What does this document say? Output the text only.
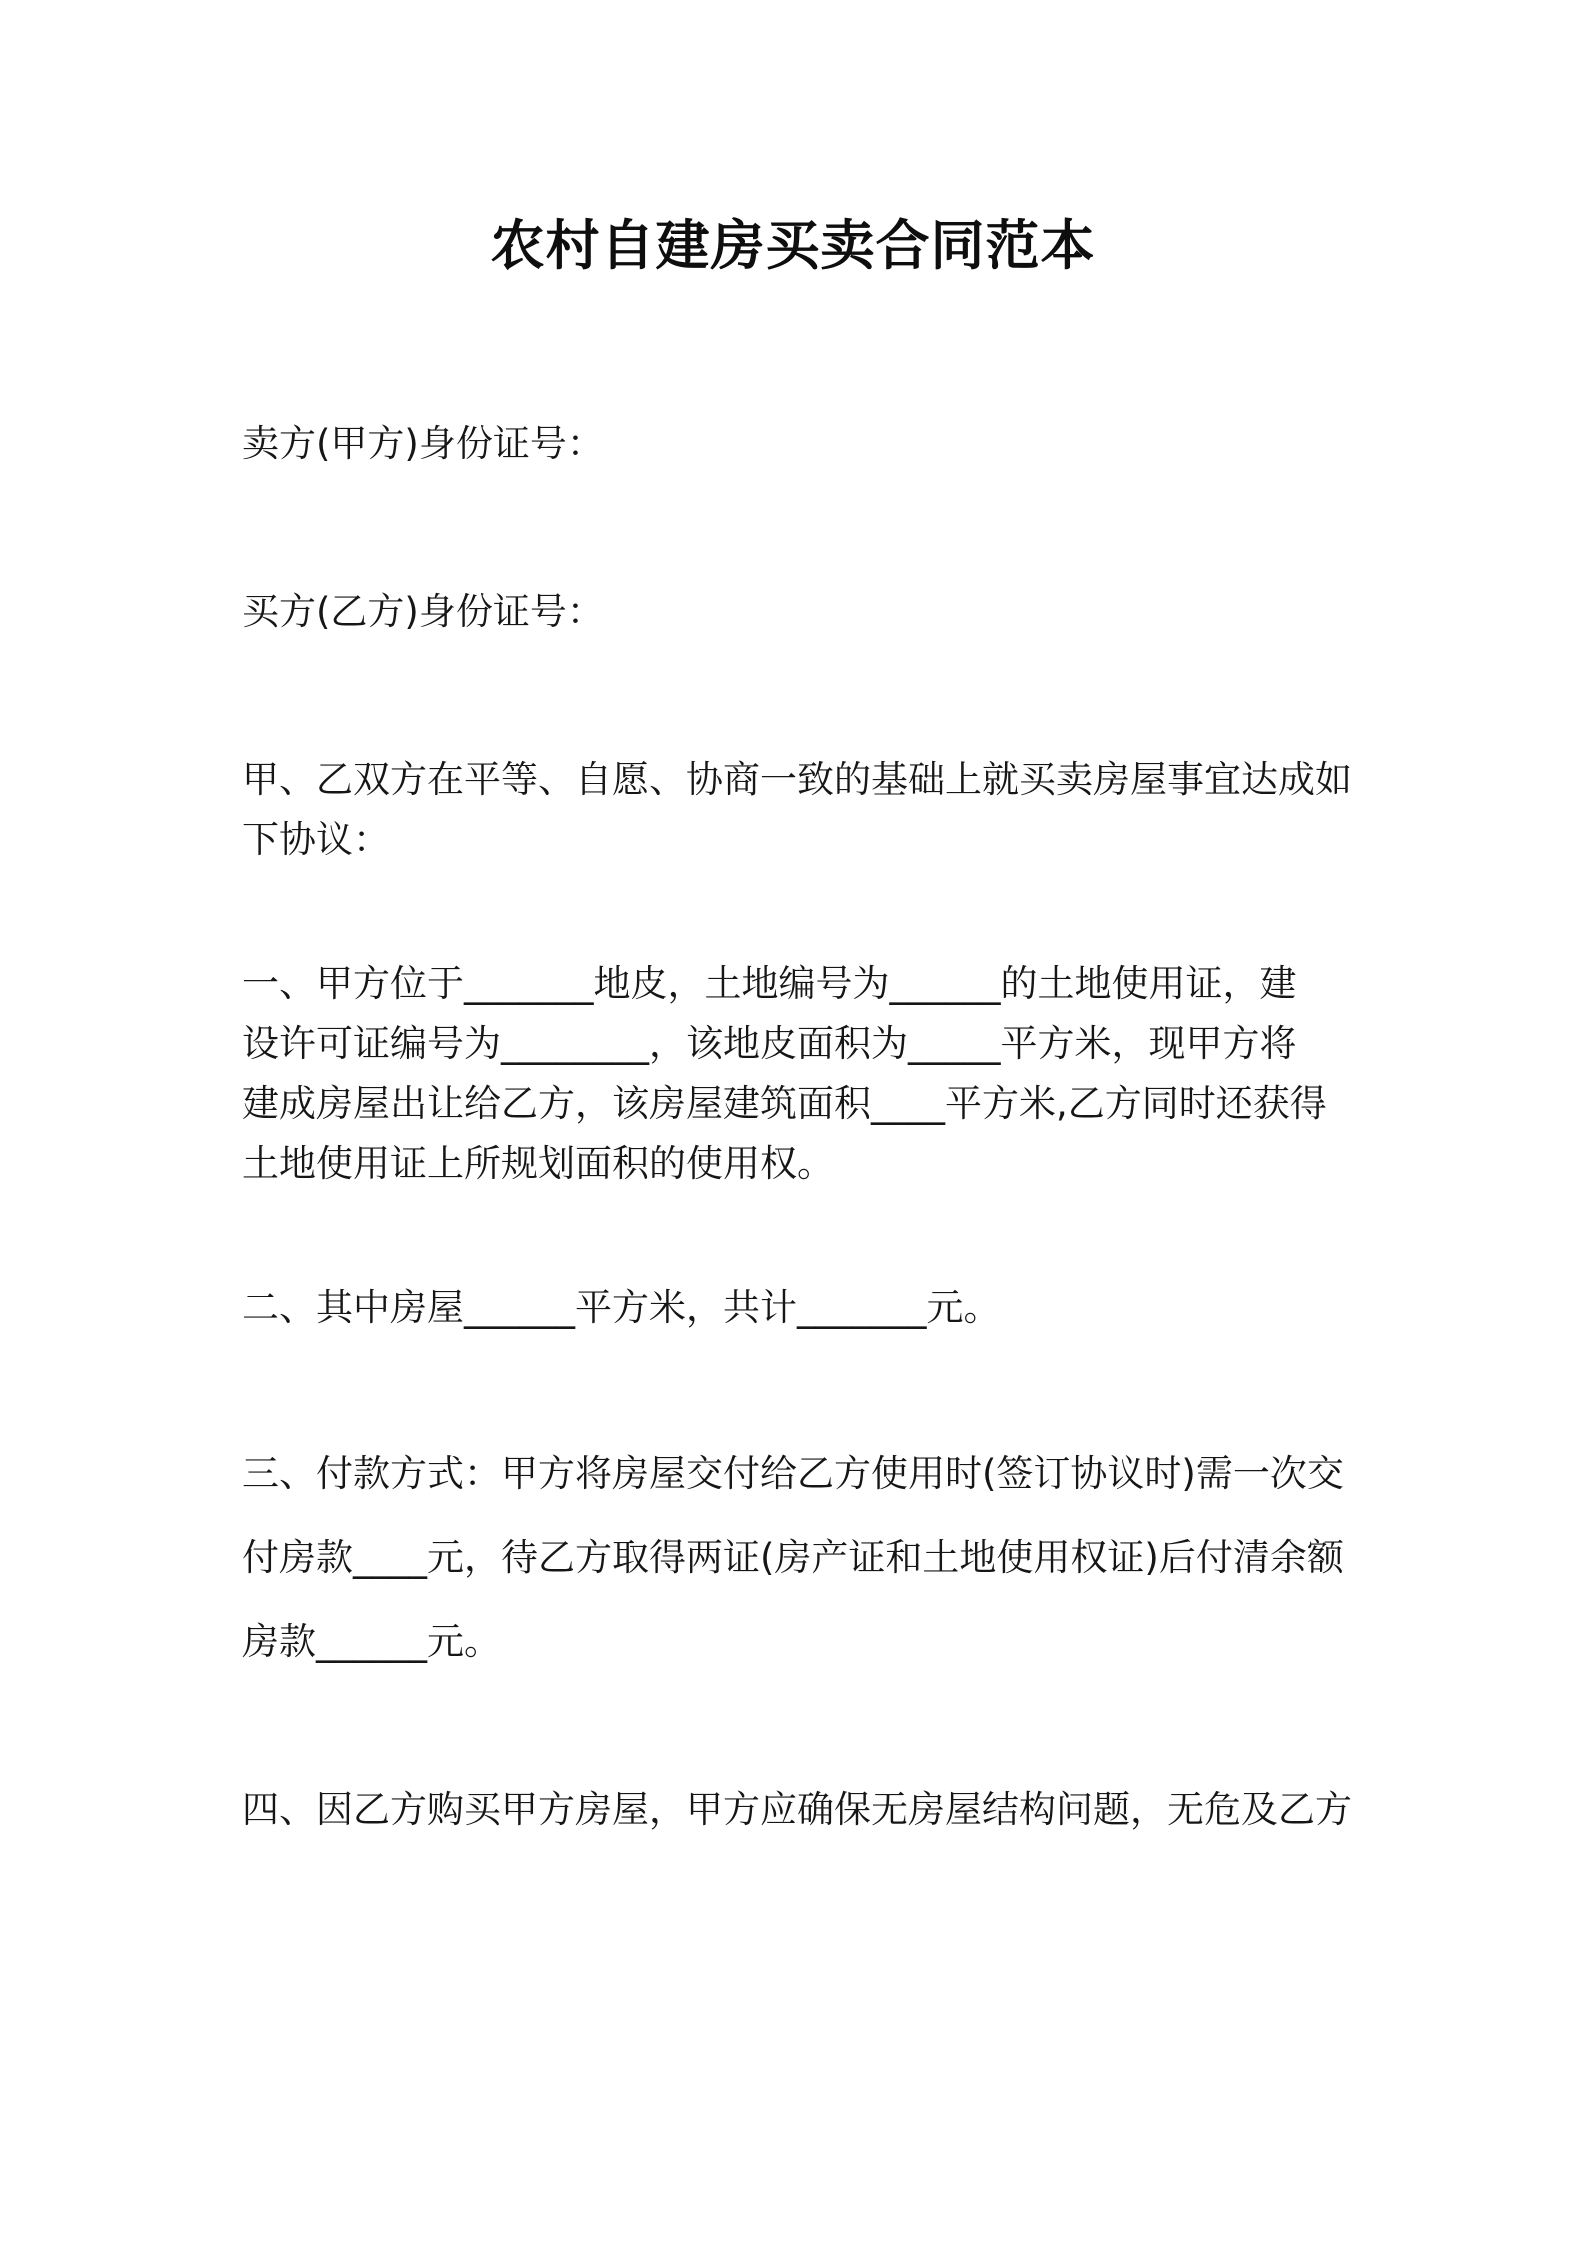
农村自建房买卖合同范本

卖方(甲方)身份证号：

买方(乙方)身份证号：

甲、乙双方在平等、自愿、协商一致的基础上就买卖房屋事宜达成如
下协议：

一、甲方位于_______地皮，土地编号为______的土地使用证，建
设许可证编号为________，该地皮面积为_____平方米，现甲方将
建成房屋出让给乙方，该房屋建筑面积____平方米,乙方同时还获得
土地使用证上所规划面积的使用权。

二、其中房屋______平方米，共计_______元。

三、付款方式：甲方将房屋交付给乙方使用时(签订协议时)需一次交
付房款____元，待乙方取得两证(房产证和土地使用权证)后付清余额
房款______元。

四、因乙方购买甲方房屋，甲方应确保无房屋结构问题，无危及乙方
